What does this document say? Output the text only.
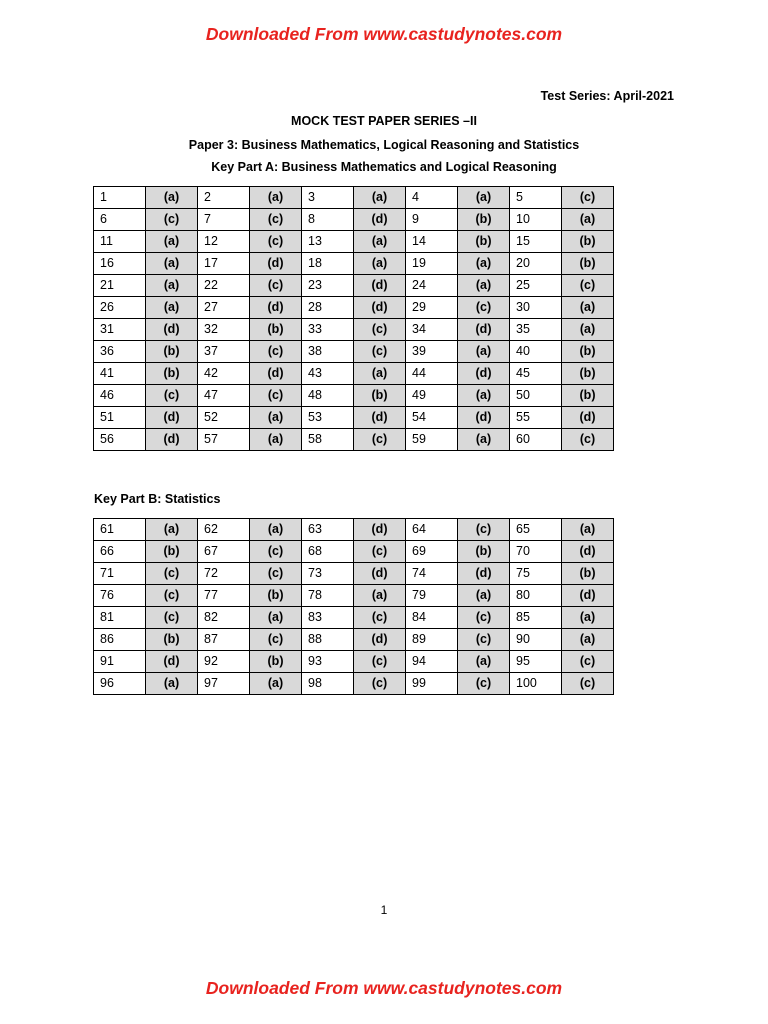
Downloaded From www.castudynotes.com
Test Series: April-2021
MOCK TEST PAPER SERIES –II
Paper 3: Business Mathematics, Logical Reasoning and Statistics
Key Part A: Business Mathematics and Logical Reasoning
1	(a)	2	(a)	3	(a)	4	(a)	5	(c)
6	(c)	7	(c)	8	(d)	9	(b)	10	(a)
11	(a)	12	(c)	13	(a)	14	(b)	15	(b)
16	(a)	17	(d)	18	(a)	19	(a)	20	(b)
21	(a)	22	(c)	23	(d)	24	(a)	25	(c)
26	(a)	27	(d)	28	(d)	29	(c)	30	(a)
31	(d)	32	(b)	33	(c)	34	(d)	35	(a)
36	(b)	37	(c)	38	(c)	39	(a)	40	(b)
41	(b)	42	(d)	43	(a)	44	(d)	45	(b)
46	(c)	47	(c)	48	(b)	49	(a)	50	(b)
51	(d)	52	(a)	53	(d)	54	(d)	55	(d)
56	(d)	57	(a)	58	(c)	59	(a)	60	(c)
Key Part B: Statistics
61	(a)	62	(a)	63	(d)	64	(c)	65	(a)
66	(b)	67	(c)	68	(c)	69	(b)	70	(d)
71	(c)	72	(c)	73	(d)	74	(d)	75	(b)
76	(c)	77	(b)	78	(a)	79	(a)	80	(d)
81	(c)	82	(a)	83	(c)	84	(c)	85	(a)
86	(b)	87	(c)	88	(d)	89	(c)	90	(a)
91	(d)	92	(b)	93	(c)	94	(a)	95	(c)
96	(a)	97	(a)	98	(c)	99	(c)	100	(c)
1
Downloaded From www.castudynotes.com
